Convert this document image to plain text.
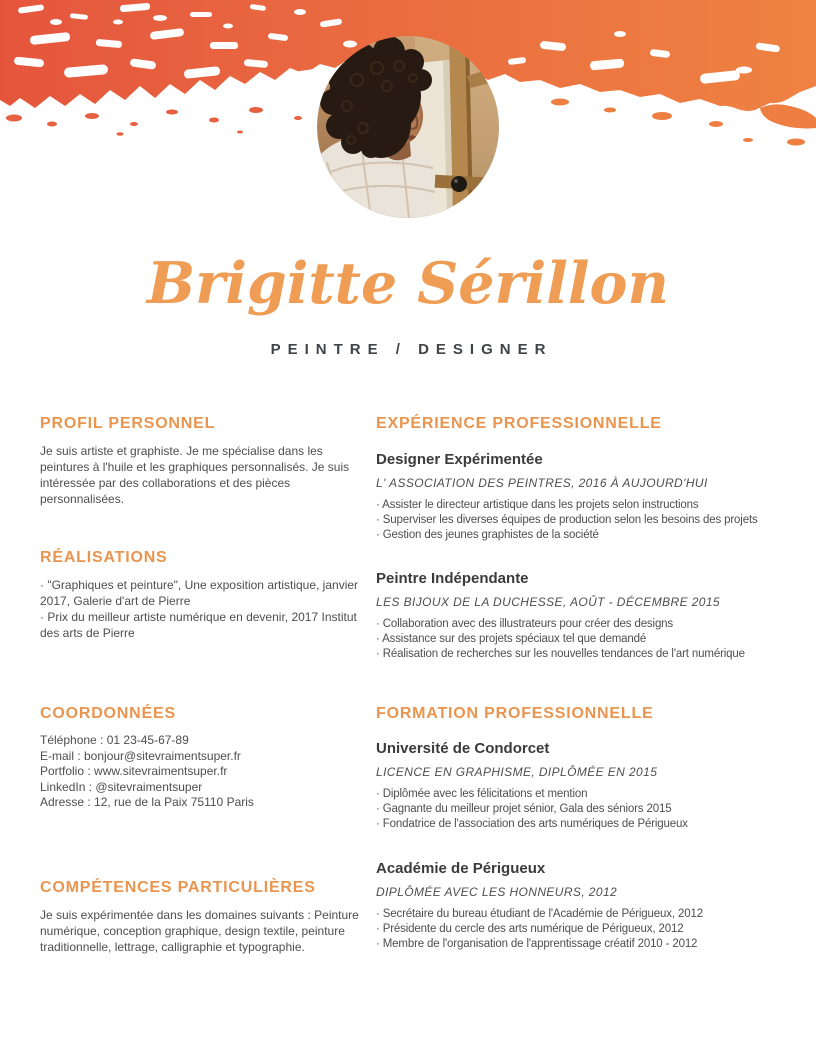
Brigitte Sérillon
PEINTRE / DESIGNER
PROFIL PERSONNEL
Je suis artiste et graphiste. Je me spécialise dans les peintures à l'huile et les graphiques personnalisés. Je suis intéressée par des collaborations et des pièces personnalisées.
RÉALISATIONS
· "Graphiques et peinture", Une exposition artistique, janvier 2017, Galerie d'art de Pierre
· Prix du meilleur artiste numérique en devenir, 2017 Institut des arts de Pierre
COORDONNÉES
Téléphone : 01 23-45-67-89
E-mail : bonjour@sitevraimentsuper.fr
Portfolio : www.sitevraimentsuper.fr
LinkedIn : @sitevraimentsuper
Adresse : 12, rue de la Paix 75110 Paris
COMPÉTENCES PARTICULIÈRES
Je suis expérimentée dans les domaines suivants : Peinture numérique, conception graphique, design textile, peinture traditionnelle, lettrage, calligraphie et typographie.
EXPÉRIENCE PROFESSIONNELLE
Designer Expérimentée
L' ASSOCIATION DES PEINTRES, 2016 À AUJOURD'HUI
· Assister le directeur artistique dans les projets selon instructions
· Superviser les diverses équipes de production selon les besoins des projets
· Gestion des jeunes graphistes de la société
Peintre Indépendante
LES BIJOUX DE LA DUCHESSE, AOÛT - DÉCEMBRE 2015
· Collaboration avec des illustrateurs pour créer des designs
· Assistance sur des projets spéciaux tel que demandé
· Réalisation de recherches sur les nouvelles tendances de l'art numérique
FORMATION PROFESSIONNELLE
Université de Condorcet
LICENCE EN GRAPHISME, DIPLÔMÉE EN 2015
· Diplômée avec les félicitations et mention
· Gagnante du meilleur projet sénior, Gala des séniors 2015
· Fondatrice de l'association des arts numériques de Périgueux
Académie de Périgueux
DIPLÔMÉE AVEC LES HONNEURS, 2012
· Secrétaire du bureau étudiant de l'Académie de Périgueux, 2012
· Présidente du cercle des arts numérique de Périgueux, 2012
· Membre de l'organisation de l'apprentissage créatif 2010 - 2012
